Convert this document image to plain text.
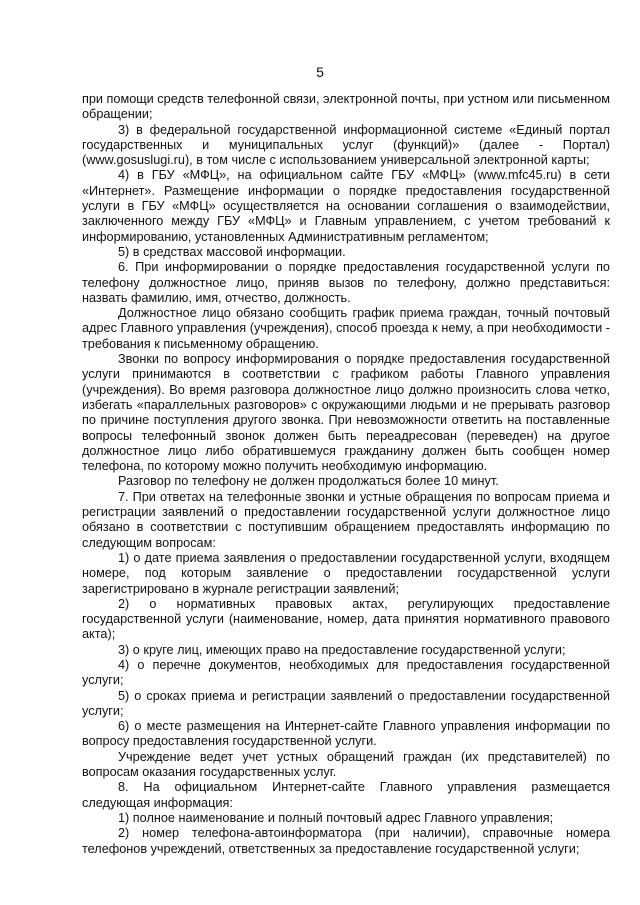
5

при помощи средств телефонной связи, электронной почты, при устном или письменном обращении;

3) в федеральной государственной информационной системе «Единый портал государственных и муниципальных услуг (функций)» (далее - Портал) (www.gosuslugi.ru), в том числе с использованием универсальной электронной карты;

4) в ГБУ «МФЦ», на официальном сайте ГБУ «МФЦ» (www.mfc45.ru) в сети «Интернет». Размещение информации о порядке предоставления государственной услуги в ГБУ «МФЦ» осуществляется на основании соглашения о взаимодействии, заключенного между ГБУ «МФЦ» и Главным управлением, с учетом требований к информированию, установленных Административным регламентом;

5) в средствах массовой информации.

6. При информировании о порядке предоставления государственной услуги по телефону должностное лицо, приняв вызов по телефону, должно представиться: назвать фамилию, имя, отчество, должность.

Должностное лицо обязано сообщить график приема граждан, точный почтовый адрес Главного управления (учреждения), способ проезда к нему, а при необходимости - требования к письменному обращению.

Звонки по вопросу информирования о порядке предоставления государственной услуги принимаются в соответствии с графиком работы Главного управления (учреждения). Во время разговора должностное лицо должно произносить слова четко, избегать «параллельных разговоров» с окружающими людьми и не прерывать разговор по причине поступления другого звонка. При невозможности ответить на поставленные вопросы телефонный звонок должен быть переадресован (переведен) на другое должностное лицо либо обратившемуся гражданину должен быть сообщен номер телефона, по которому можно получить необходимую информацию.

Разговор по телефону не должен продолжаться более 10 минут.

7. При ответах на телефонные звонки и устные обращения по вопросам приема и регистрации заявлений о предоставлении государственной услуги должностное лицо обязано в соответствии с поступившим обращением предоставлять информацию по следующим вопросам:

1) о дате приема заявления о предоставлении государственной услуги, входящем номере, под которым заявление о предоставлении государственной услуги зарегистрировано в журнале регистрации заявлений;

2) о нормативных правовых актах, регулирующих предоставление государственной услуги (наименование, номер, дата принятия нормативного правового акта);

3) о круге лиц, имеющих право на предоставление государственной услуги;

4) о перечне документов, необходимых для предоставления государственной услуги;

5) о сроках приема и регистрации заявлений о предоставлении государственной услуги;

6) о месте размещения на Интернет-сайте Главного управления информации по вопросу предоставления государственной услуги.

Учреждение ведет учет устных обращений граждан (их представителей) по вопросам оказания государственных услуг.

8. На официальном Интернет-сайте Главного управления размещается следующая информация:

1) полное наименование и полный почтовый адрес Главного управления;

2) номер телефона-автоинформатора (при наличии), справочные номера телефонов учреждений, ответственных за предоставление государственной услуги;
